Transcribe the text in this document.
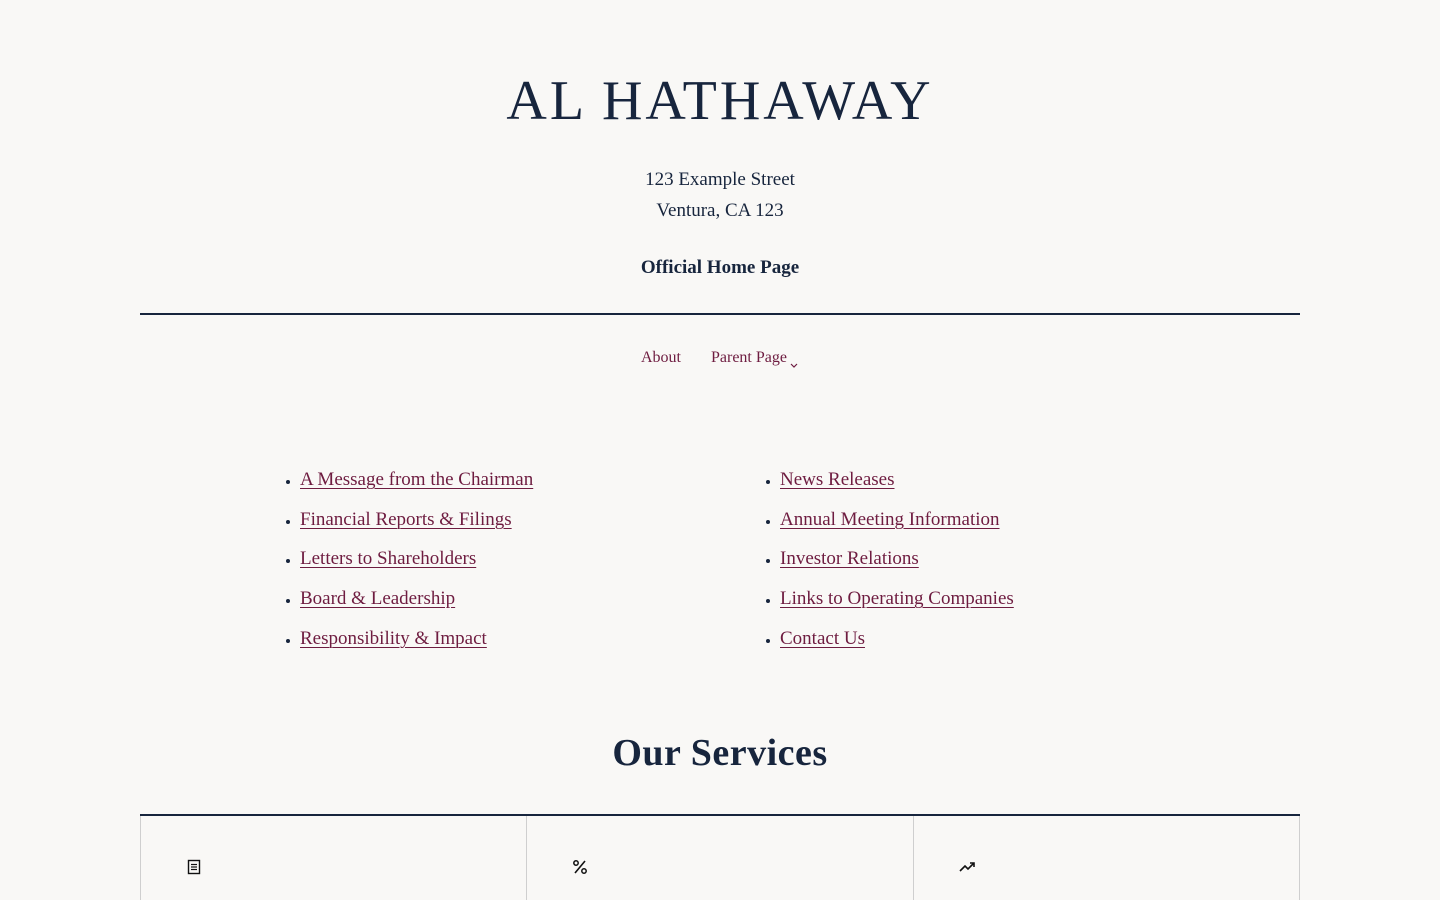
AL HATHAWAY
123 Example Street
Ventura, CA 123
Official Home Page
About Parent Page
• A Message from the Chairman
• Financial Reports & Filings
• Letters to Shareholders
• Board & Leadership
• Responsibility & Impact
• News Releases
• Annual Meeting Information
• Investor Relations
• Links to Operating Companies
• Contact Us
Our Services
